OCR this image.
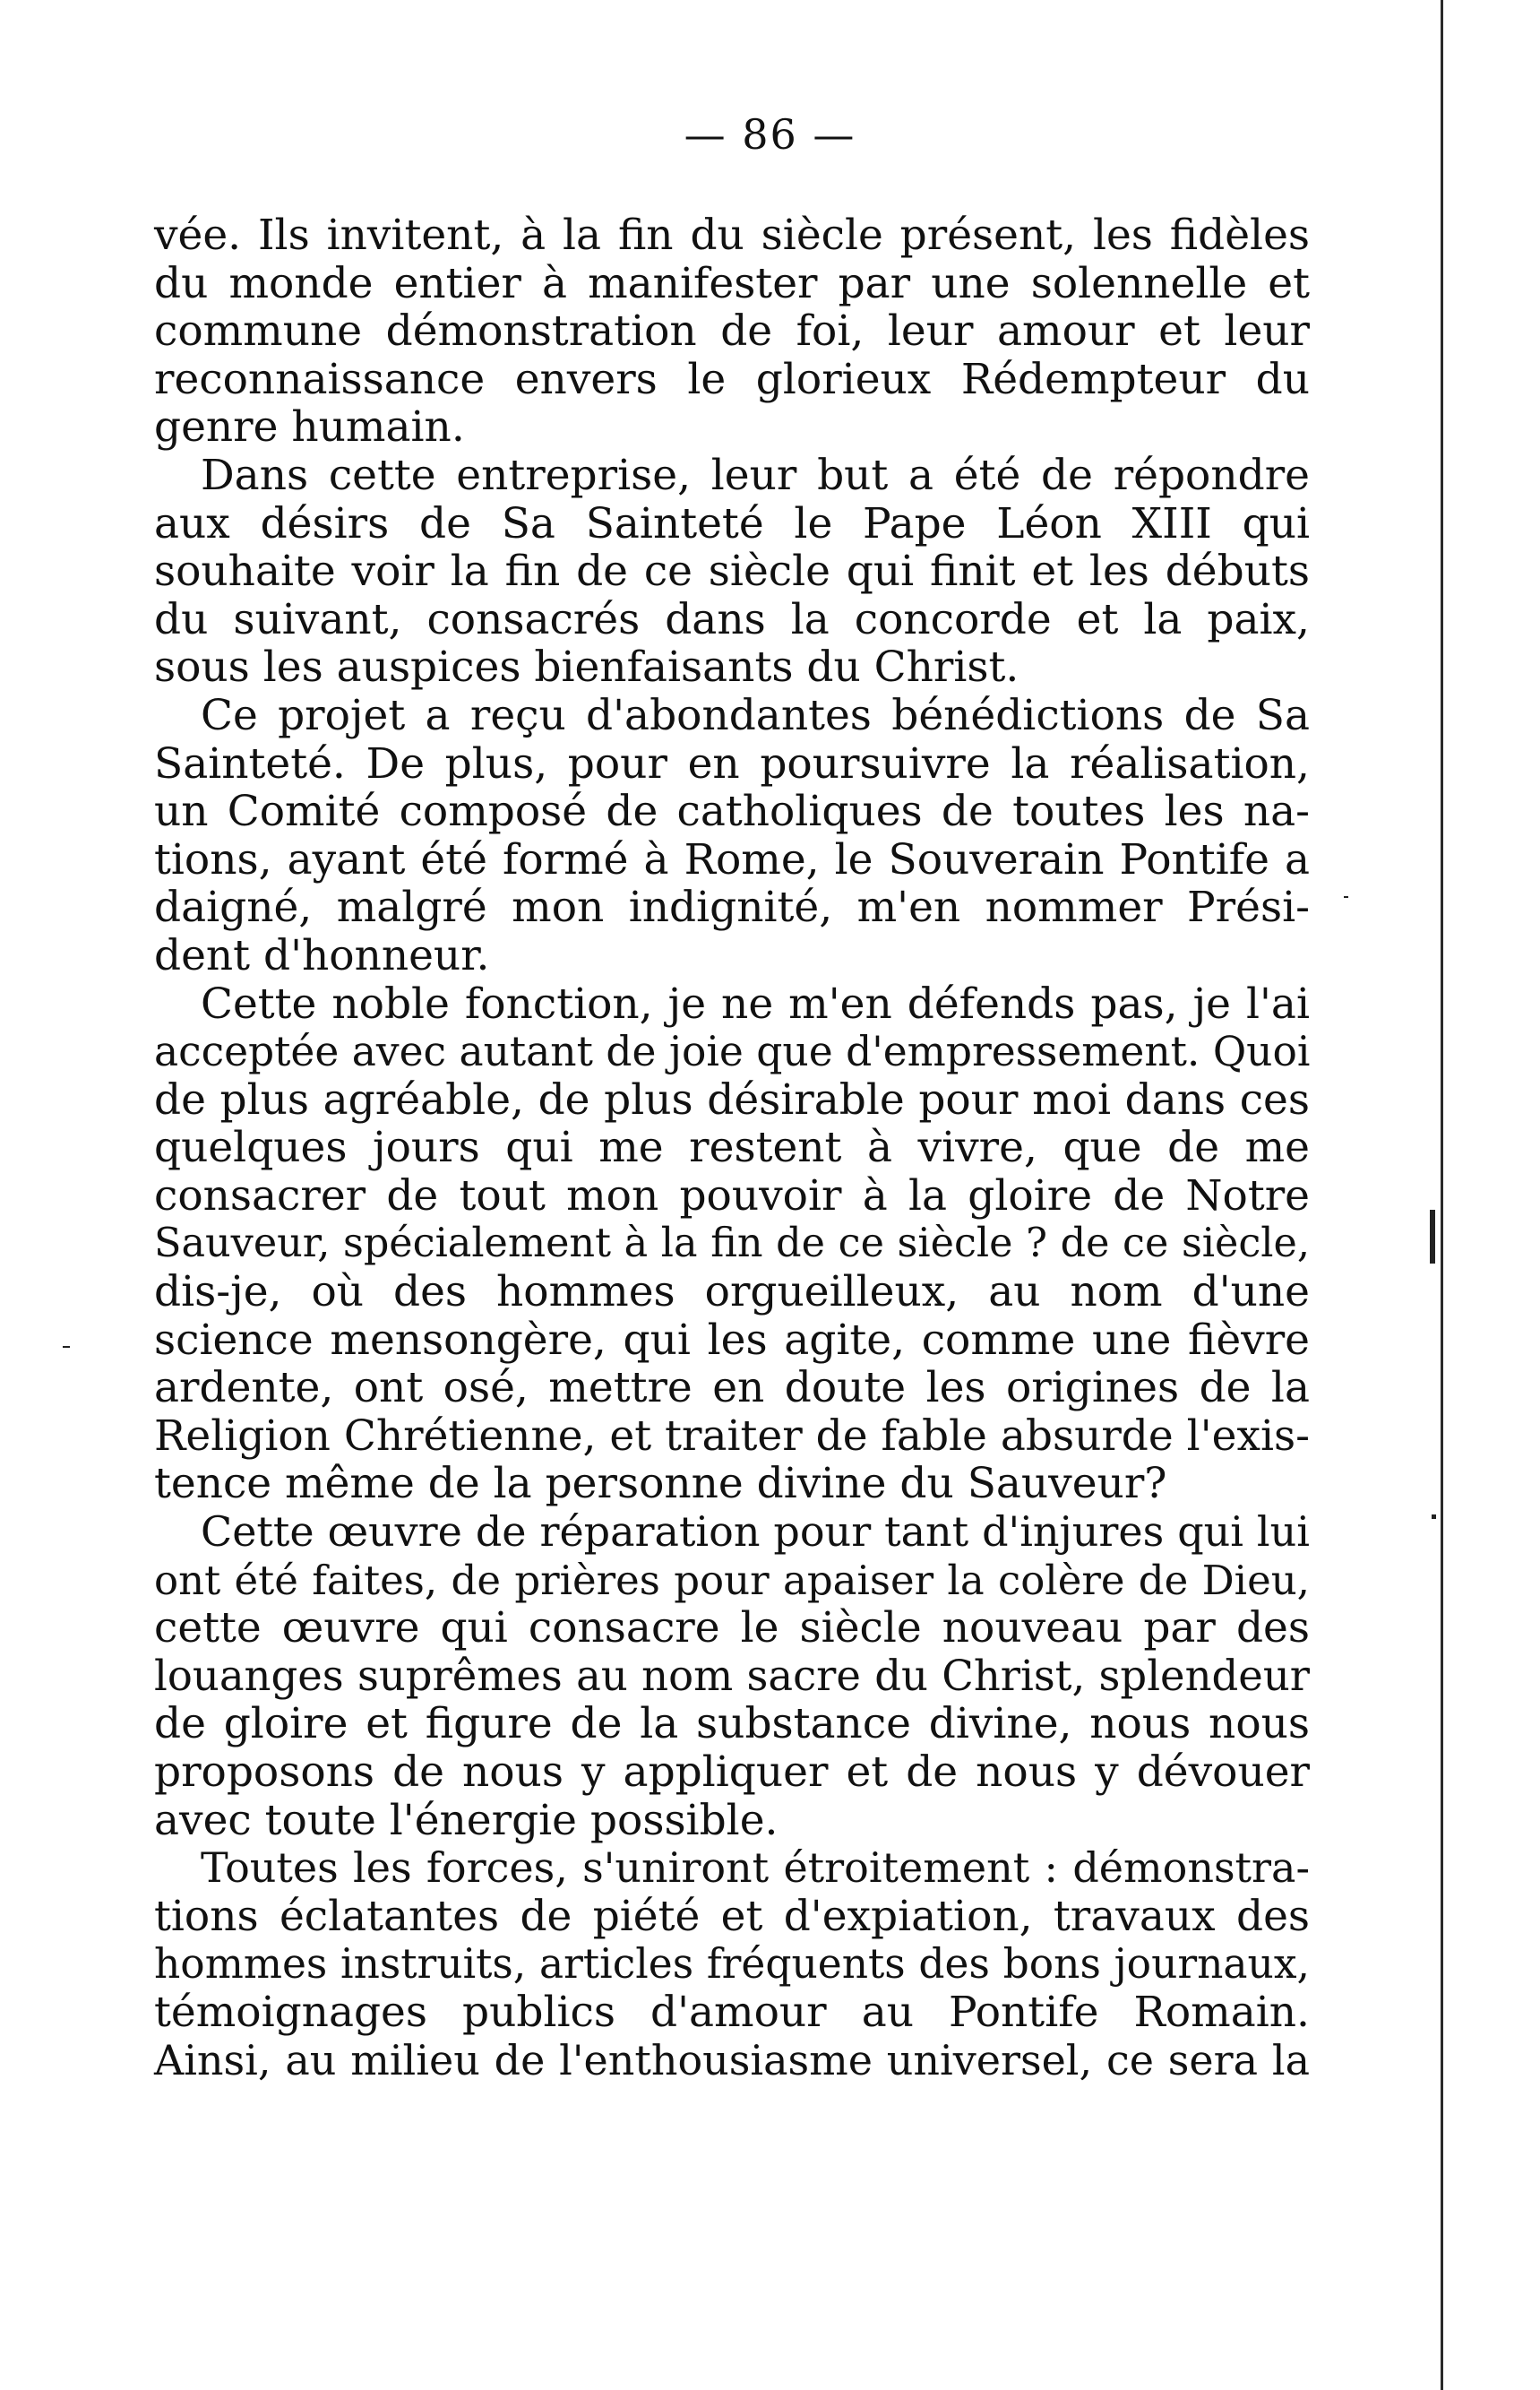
— 86 —
vée. Ils invitent, à la fin du siècle présent, les fidèles
du monde entier à manifester par une solennelle et
commune démonstration de foi, leur amour et leur
reconnaissance envers le glorieux Rédempteur du
genre humain.
Dans cette entreprise, leur but a été de répondre
aux désirs de Sa Sainteté le Pape Léon XIII qui
souhaite voir la fin de ce siècle qui finit et les débuts
du suivant, consacrés dans la concorde et la paix,
sous les auspices bienfaisants du Christ.
Ce projet a reçu d'abondantes bénédictions de Sa
Sainteté. De plus, pour en poursuivre la réalisation,
un Comité composé de catholiques de toutes les na-
tions, ayant été formé à Rome, le Souverain Pontife a
daigné, malgré mon indignité, m'en nommer Prési-
dent d'honneur.
Cette noble fonction, je ne m'en défends pas, je l'ai
acceptée avec autant de joie que d'empressement. Quoi
de plus agréable, de plus désirable pour moi dans ces
quelques jours qui me restent à vivre, que de me
consacrer de tout mon pouvoir à la gloire de Notre
Sauveur, spécialement à la fin de ce siècle ? de ce siècle,
dis-je, où des hommes orgueilleux, au nom d'une
science mensongère, qui les agite, comme une fièvre
ardente, ont osé, mettre en doute les origines de la
Religion Chrétienne, et traiter de fable absurde l'exis-
tence même de la personne divine du Sauveur?
Cette œuvre de réparation pour tant d'injures qui lui
ont été faites, de prières pour apaiser la colère de Dieu,
cette œuvre qui consacre le siècle nouveau par des
louanges suprêmes au nom sacre du Christ, splendeur
de gloire et figure de la substance divine, nous nous
proposons de nous y appliquer et de nous y dévouer
avec toute l'énergie possible.
Toutes les forces, s'uniront étroitement : démonstra-
tions éclatantes de piété et d'expiation, travaux des
hommes instruits, articles fréquents des bons journaux,
témoignages publics d'amour au Pontife Romain.
Ainsi, au milieu de l'enthousiasme universel, ce sera la
